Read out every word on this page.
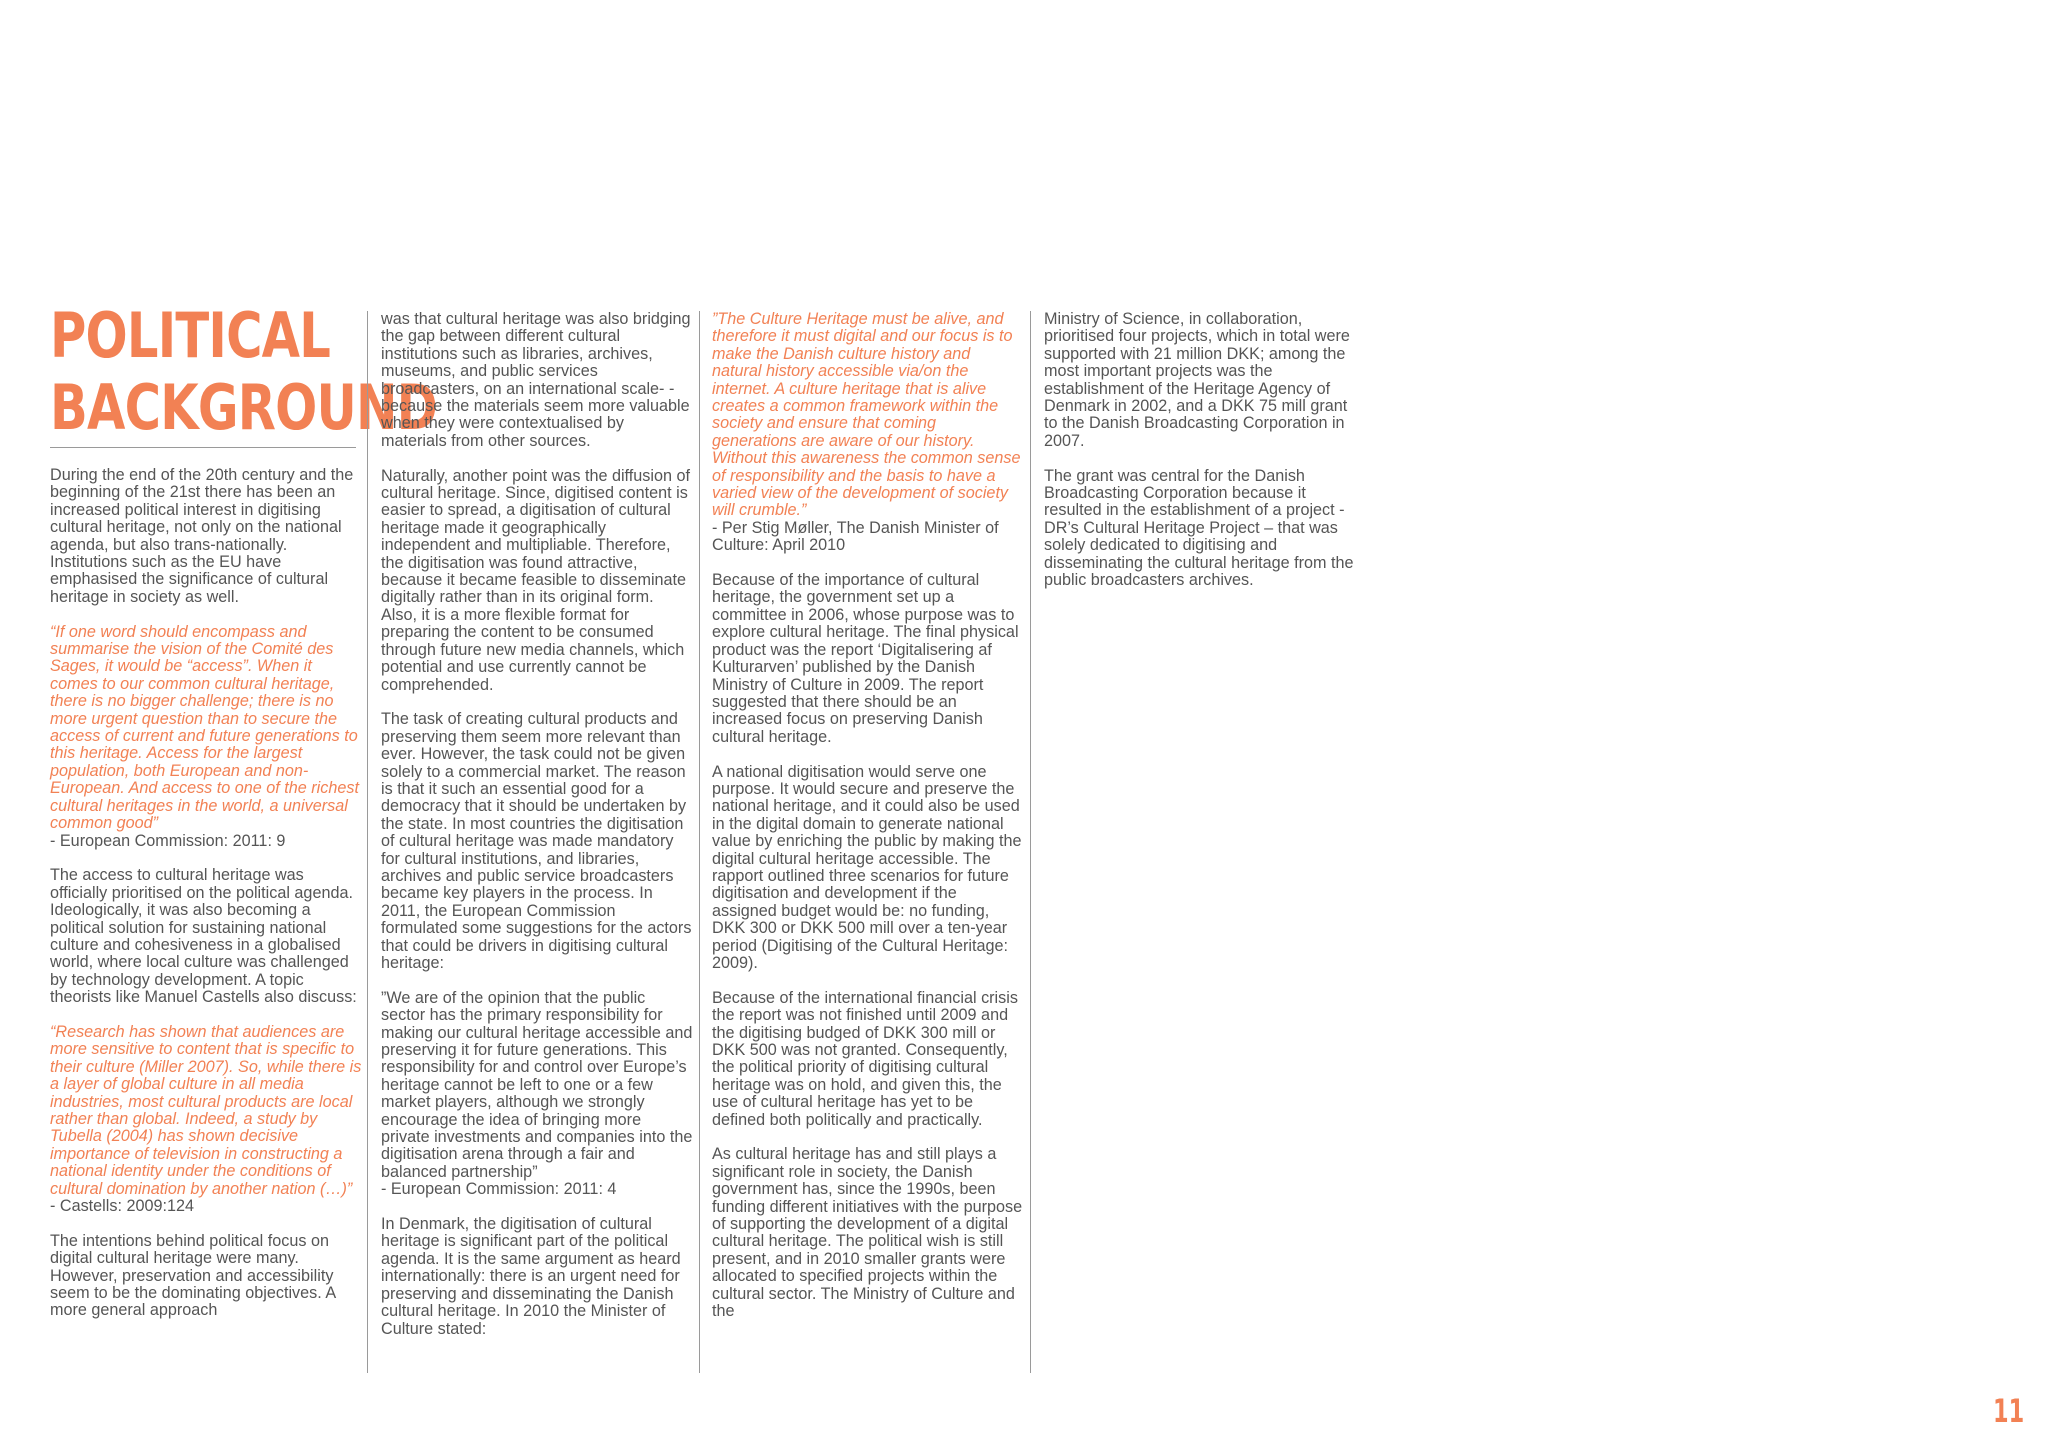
POLITICAL
BACKGROUND

During the end of the 20th century and the beginning of the 21st there has been an increased political interest in digitising cultural heritage, not only on the national agenda, but also trans-nationally. Institutions such as the EU have emphasised the significance of cultural heritage in society as well.

“If one word should encompass and summarise the vision of the Comité des Sages, it would be “access”. When it comes to our common cultural heritage, there is no bigger challenge; there is no more urgent question than to secure the access of current and future generations to this heritage. Access for the largest population, both European and non-European. And access to one of the richest cultural heritages in the world, a universal common good”
- European Commission: 2011: 9

The access to cultural heritage was officially prioritised on the political agenda. Ideologically, it was also becoming a political solution for sustaining national culture and cohesiveness in a globalised world, where local culture was challenged by technology development. A topic theorists like Manuel Castells also discuss:

“Research has shown that audiences are more sensitive to content that is specific to their culture (Miller 2007). So, while there is a layer of global culture in all media industries, most cultural products are local rather than global. Indeed, a study by Tubella (2004) has shown decisive importance of television in constructing a national identity under the conditions of cultural domination by another nation (…)”
- Castells: 2009:124

The intentions behind political focus on digital cultural heritage were many. However, preservation and accessibility seem to be the dominating objectives. A more general approach

was that cultural heritage was also bridging the gap between different cultural institutions such as libraries, archives, museums, and public services broadcasters, on an international scale- -because the materials seem more valuable when they were contextualised by materials from other sources.

Naturally, another point was the diffusion of cultural heritage. Since, digitised content is easier to spread, a digitisation of cultural heritage made it geographically independent and multipliable. Therefore, the digitisation was found attractive, because it became feasible to disseminate digitally rather than in its original form. Also, it is a more flexible format for preparing the content to be consumed through future new media channels, which potential and use currently cannot be comprehended.

The task of creating cultural products and preserving them seem more relevant than ever. However, the task could not be given solely to a commercial market. The reason is that it such an essential good for a democracy that it should be undertaken by the state. In most countries the digitisation of cultural heritage was made mandatory for cultural institutions, and libraries, archives and public service broadcasters became key players in the process. In 2011, the European Commission formulated some suggestions for the actors that could be drivers in digitising cultural heritage:

”We are of the opinion that the public sector has the primary responsibility for making our cultural heritage accessible and preserving it for future generations. This responsibility for and control over Europe’s heritage cannot be left to one or a few market players, although we strongly encourage the idea of bringing more private investments and companies into the digitisation arena through a fair and balanced partnership”
- European Commission: 2011: 4

In Denmark, the digitisation of cultural heritage is significant part of the political agenda. It is the same argument as heard internationally: there is an urgent need for preserving and disseminating the Danish cultural heritage. In 2010 the Minister of Culture stated:

”The Culture Heritage must be alive, and therefore it must digital and our focus is to make the Danish culture history and natural history accessible via/on the internet. A culture heritage that is alive creates a common framework within the society and ensure that coming generations are aware of our history. Without this awareness the common sense of responsibility and the basis to have a varied view of the development of society will crumble.”
- Per Stig Møller, The Danish Minister of Culture: April 2010

Because of the importance of cultural heritage, the government set up a committee in 2006, whose purpose was to explore cultural heritage. The final physical product was the report ‘Digitalisering af Kulturarven’ published by the Danish Ministry of Culture in 2009. The report suggested that there should be an increased focus on preserving Danish cultural heritage.

A national digitisation would serve one purpose. It would secure and preserve the national heritage, and it could also be used in the digital domain to generate national value by enriching the public by making the digital cultural heritage accessible. The rapport outlined three scenarios for future digitisation and development if the assigned budget would be: no funding, DKK 300 or DKK 500 mill over a ten-year period (Digitising of the Cultural Heritage: 2009).

Because of the international financial crisis the report was not finished until 2009 and the digitising budged of DKK 300 mill or DKK 500 was not granted. Consequently, the political priority of digitising cultural heritage was on hold, and given this, the use of cultural heritage has yet to be defined both politically and practically.

As cultural heritage has and still plays a significant role in society, the Danish government has, since the 1990s, been funding different initiatives with the purpose of supporting the development of a digital cultural heritage. The political wish is still present, and in 2010 smaller grants were allocated to specified projects within the cultural sector. The Ministry of Culture and the

Ministry of Science, in collaboration, prioritised four projects, which in total were supported with 21 million DKK; among the most important projects was the establishment of the Heritage Agency of Denmark in 2002, and a DKK 75 mill grant to the Danish Broadcasting Corporation in 2007.

The grant was central for the Danish Broadcasting Corporation because it resulted in the establishment of a project - DR’s Cultural Heritage Project – that was solely dedicated to digitising and disseminating the cultural heritage from the public broadcasters archives.

11
